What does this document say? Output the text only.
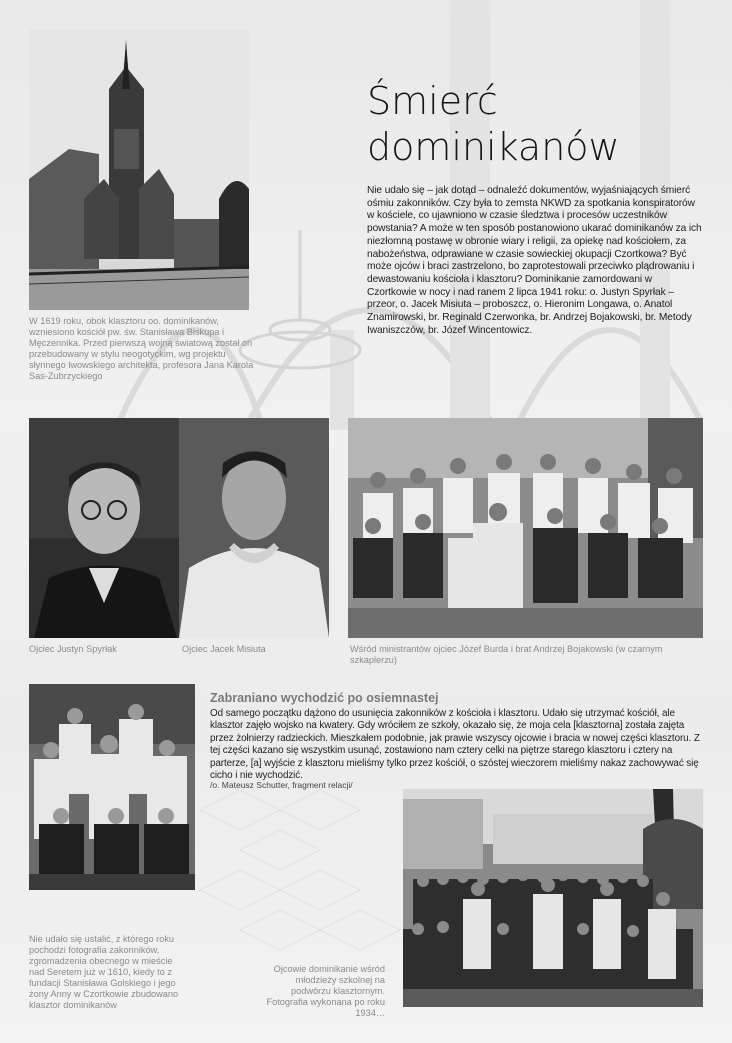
W 1619 roku, obok klasztoru oo. dominikanów, wzniesiono kościół pw. św. Stanisława Biskupa i Męczennika. Przed pierwszą wojną światową został on przebudowany w stylu neogotyckim, wg projektu słynnego lwowskiego architekta, profesora Jana Karola Sas-Zubrzyckiego

Śmierć
dominikanów

Nie udało się – jak dotąd – odnaleźć dokumentów, wyjaśniających śmierć ośmiu zakonników. Czy była to zemsta NKWD za spotkania konspiratorów w kościele, co ujawniono w czasie śledztwa i procesów uczestników powstania? A może w ten sposób postanowiono ukarać dominikanów za ich niezłomną postawę w obronie wiary i religii, za opiekę nad kościołem, za nabożeństwa, odprawiane w czasie sowieckiej okupacji Czortkowa? Być może ojców i braci zastrzelono, bo zaprotestowali przeciwko plądrowaniu i dewastowaniu kościoła i klasztoru? Dominikanie zamordowani w Czortkowie w nocy i nad ranem 2 lipca 1941 roku: o. Justyn Spyrłak – przeor, o. Jacek Misiuta – proboszcz, o. Hieronim Longawa, o. Anatol Znamirowski, br. Reginald Czerwonka, br. Andrzej Bojakowski, br. Metody Iwaniszczów, br. Józef Wincentowicz.

Ojciec Justyn Spyrłak	Ojciec Jacek Misiuta	Wśród ministrantów ojciec Józef Burda i brat Andrzej Bojakowski (w czarnym szkaplerzu)

Nie udało się ustalić, z którego roku pochodzi fotografia zakonników, zgromadzenia obecnego w mieście nad Seretem już w 1610, kiedy to z fundacji Stanisława Golskiego i jego żony Anny w Czortkowie zbudowano klasztor dominikanów

Zabraniano wychodzić po osiemnastej

Od samego początku dążono do usunięcia zakonników z kościoła i klasztoru. Udało się utrzymać kościół, ale klasztor zajęło wojsko na kwatery. Gdy wróciłem ze szkoły, okazało się, że moja cela [klasztorna] została zajęta przez żołnierzy radzieckich. Mieszkałem podobnie, jak prawie wszyscy ojcowie i bracia w nowej części klasztoru. Z tej części kazano się wszystkim usunąć, zostawiono nam cztery celki na piętrze starego klasztoru i cztery na parterze, [a] wyjście z klasztoru mieliśmy tylko przez kościół, o szóstej wieczorem mieliśmy nakaz zachowywać się cicho i nie wychodzić.

/o. Mateusz Schutter, fragment relacji/

Ojcowie dominikanie wśród młodzieży szkolnej na podwórzu klasztornym. Fotografia wykonana po roku 1934…
